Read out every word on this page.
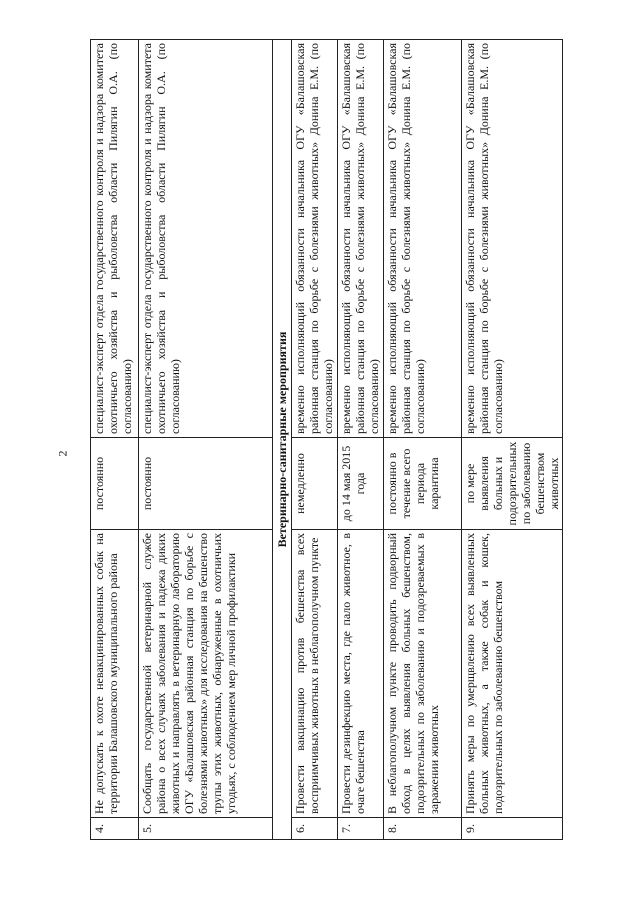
2
4.	Не допускать к охоте невакцинированных собак на территории Балашовского муниципального района	постоянно	специалист-эксперт отдела государственного контроля и надзора комитета охотничьего хозяйства и рыболовства области Пилягин О.А. (по согласованию)
5.	Сообщать государственной ветеринарной службе района о всех случаях заболевания и падежа диких животных и направлять в ветеринарную лабораторию ОГУ «Балашовская районная станция по борьбе с болезнями животных» для исследования на бешенство трупы этих животных, обнаруженные в охотничьих угодьях, с соблюдением мер личной профилактики	постоянно	специалист-эксперт отдела государственного контроля и надзора комитета охотничьего хозяйства и рыболовства области Пилягин О.А. (по согласованию)
Ветеринарно-санитарные мероприятия			
6.	Провести вакцинацию против бешенства всех восприимчивых животных в неблагополучном пункте	немедленно	временно исполняющий обязанности начальника ОГУ «Балашовская районная станция по борьбе с болезнями животных» Донина Е.М. (по согласованию)
7.	Провести дезинфекцию места, где пало животное, в очаге бешенства	до 14 мая 2015 года	временно исполняющий обязанности начальника ОГУ «Балашовская районная станция по борьбе с болезнями животных» Донина Е.М. (по согласованию)
8.	В неблагополучном пункте проводить подворный обход в целях выявления больных бешенством, подозрительных по заболеванию и подозреваемых в заражении животных	постоянно в течение всего периода карантина	временно исполняющий обязанности начальника ОГУ «Балашовская районная станция по борьбе с болезнями животных» Донина Е.М. (по согласованию)
9.	Принять меры по умерщвлению всех выявленных больных животных, а также собак и кошек, подозрительных по заболеванию бешенством	по мере выявления больных и подозрительных по заболеванию бешенством животных	временно исполняющий обязанности начальника ОГУ «Балашовская районная станция по борьбе с болезнями животных» Донина Е.М. (по согласованию)
